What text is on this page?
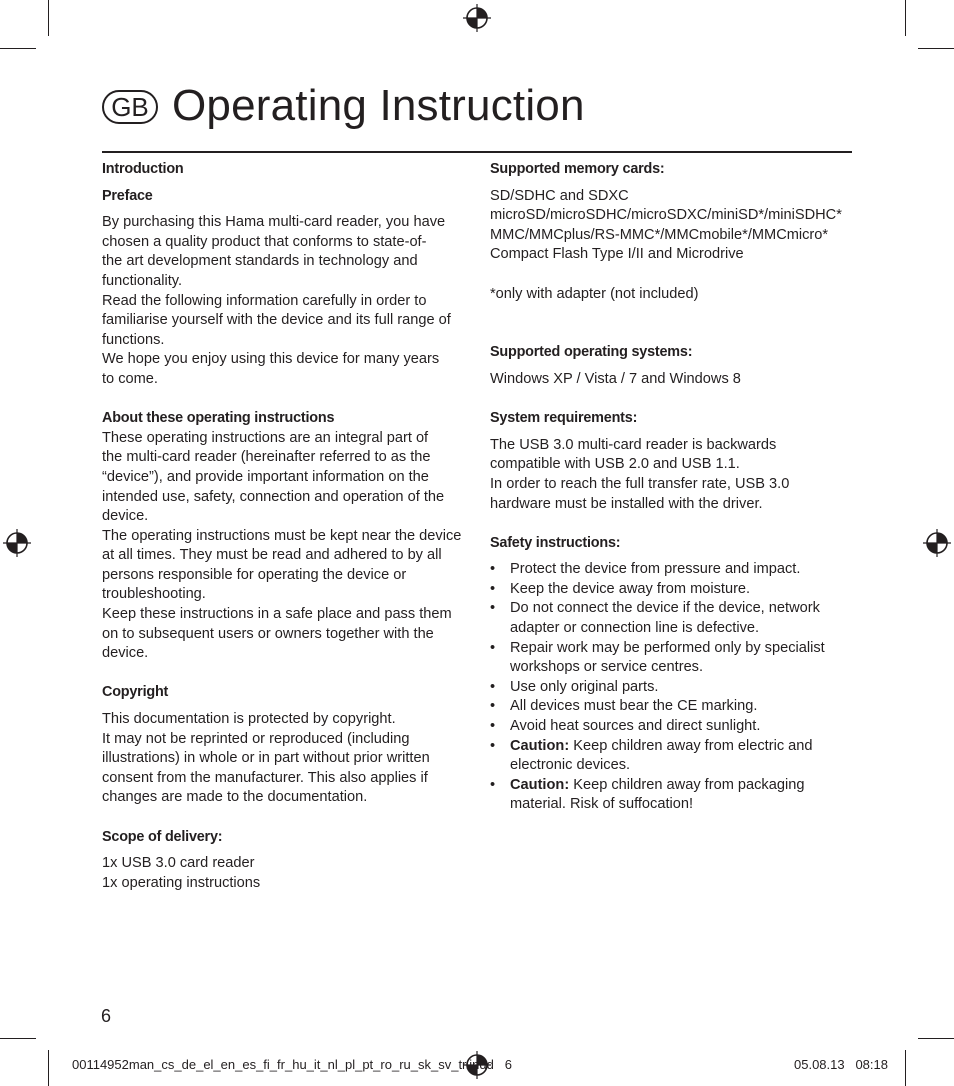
GB Operating Instruction

Introduction

Preface

By purchasing this Hama multi-card reader, you have
chosen a quality product that conforms to state-of-
the art development standards in technology and
functionality.
Read the following information carefully in order to
familiarise yourself with the device and its full range of
functions.
We hope you enjoy using this device for many years
to come.

About these operating instructions

These operating instructions are an integral part of
the multi-card reader (hereinafter referred to as the
“device”), and provide important information on the
intended use, safety, connection and operation of the
device.
The operating instructions must be kept near the device
at all times. They must be read and adhered to by all
persons responsible for operating the device or
troubleshooting.
Keep these instructions in a safe place and pass them
on to subsequent users or owners together with the
device.

Copyright

This documentation is protected by copyright.
It may not be reprinted or reproduced (including
illustrations) in whole or in part without prior written
consent from the manufacturer. This also applies if
changes are made to the documentation.

Scope of delivery:

1x USB 3.0 card reader
1x operating instructions

Supported memory cards:

SD/SDHC and SDXC
microSD/microSDHC/microSDXC/miniSD*/miniSDHC*
MMC/MMCplus/RS-MMC*/MMCmobile*/MMCmicro*
Compact Flash Type I/II and Microdrive

*only with adapter (not included)

Supported operating systems:

Windows XP / Vista / 7 and Windows 8

System requirements:

The USB 3.0 multi-card reader is backwards
compatible with USB 2.0 and USB 1.1.
In order to reach the full transfer rate, USB 3.0
hardware must be installed with the driver.

Safety instructions:

• Protect the device from pressure and impact.
• Keep the device away from moisture.
• Do not connect the device if the device, network
adapter or connection line is defective.
• Repair work may be performed only by specialist
workshops or service centres.
• Use only original parts.
• All devices must bear the CE marking.
• Avoid heat sources and direct sunlight.
• Caution: Keep children away from electric and
electronic devices.
• Caution: Keep children away from packaging
material. Risk of suffocation!
6
00114952man_cs_de_el_en_es_fi_fr_hu_it_nl_pl_pt_ro_ru_sk_sv_tr.indd   6	05.08.13   08:18
